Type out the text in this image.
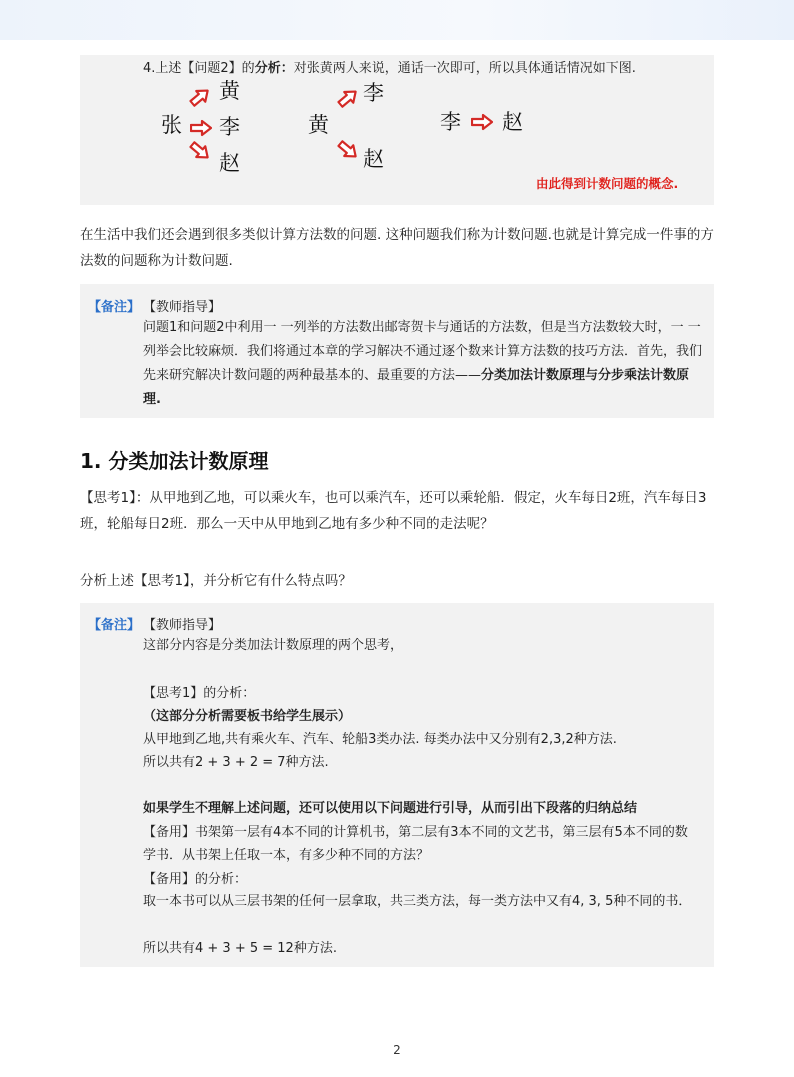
4.上述【问题2】的分析：对张黄两人来说，通话一次即可，所以具体通话情况如下图.
张
黄
李
赵
黄
李
赵
李 赵
由此得到计数问题的概念.
在生活中我们还会遇到很多类似计算方法数的问题. 这种问题我们称为计数问题.也就是计算完成一件事的方法数的问题称为计数问题.
【备注】 【教师指导】
问题1和问题2中利用一 一列举的方法数出邮寄贺卡与通话的方法数，但是当方法数较大时，一 一列举会比较麻烦．我们将通过本章的学习解决不通过逐个数来计算方法数的技巧方法．首先，我们先来研究解决计数问题的两种最基本的、最重要的方法——分类加法计数原理与分步乘法计数原理.
1. 分类加法计数原理
【思考1】：从甲地到乙地，可以乘火车，也可以乘汽车，还可以乘轮船．假定，火车每日2班，汽车每日3班，轮船每日2班．那么一天中从甲地到乙地有多少种不同的走法呢？
分析上述【思考1】，并分析它有什么特点吗？
【备注】 【教师指导】
这部分内容是分类加法计数原理的两个思考，
【思考1】的分析：
（这部分分析需要板书给学生展示）
从甲地到乙地,共有乘火车、汽车、轮船3类办法. 每类办法中又分别有2,3,2种方法.
所以共有2 + 3 + 2 = 7种方法.
如果学生不理解上述问题，还可以使用以下问题进行引导，从而引出下段落的归纳总结
【备用】书架第一层有4本不同的计算机书，第二层有3本不同的文艺书，第三层有5本不同的数学书．从书架上任取一本，有多少种不同的方法？
【备用】的分析：
取一本书可以从三层书架的任何一层拿取，共三类方法，每一类方法中又有4, 3, 5种不同的书．
所以共有4 + 3 + 5 = 12种方法.
2
